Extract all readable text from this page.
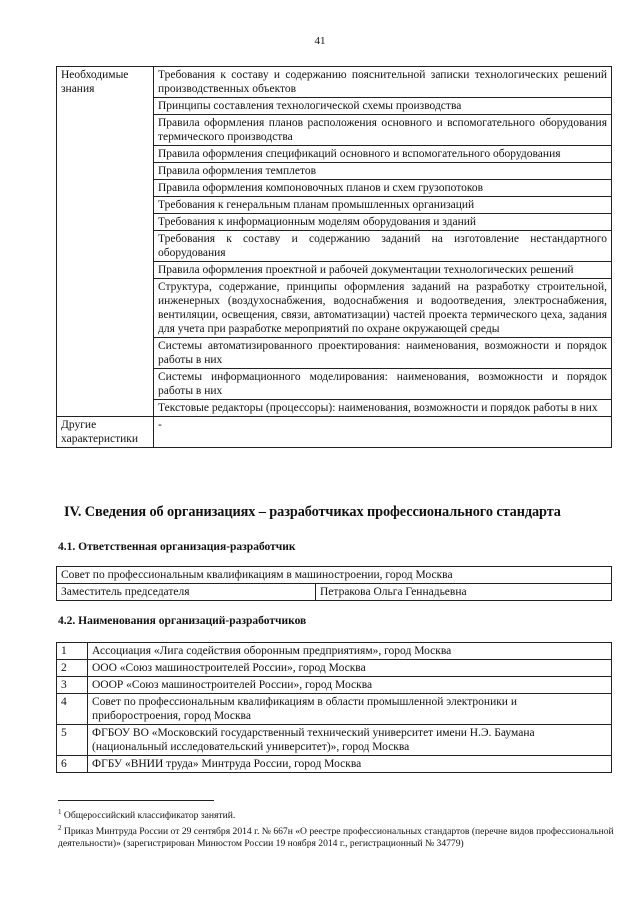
41
Необходимые знания	Требования к составу и содержанию пояснительной записки технологических решений производственных объектов
	Принципы составления технологической схемы производства
	Правила оформления планов расположения основного и вспомогательного оборудования термического производства
	Правила оформления спецификаций основного и вспомогательного оборудования
	Правила оформления темплетов
	Правила оформления компоновочных планов и схем грузопотоков
	Требования к генеральным планам промышленных организаций
	Требования к информационным моделям оборудования и зданий
	Требования к составу и содержанию заданий на изготовление нестандартного оборудования
	Правила оформления проектной и рабочей документации технологических решений
	Структура, содержание, принципы оформления заданий на разработку строительной, инженерных (воздухоснабжения, водоснабжения и водоотведения, электроснабжения, вентиляции, освещения, связи, автоматизации) частей проекта термического цеха, задания для учета при разработке мероприятий по охране окружающей среды
	Системы автоматизированного проектирования: наименования, возможности и порядок работы в них
	Системы информационного моделирования: наименования, возможности и порядок работы в них
	Текстовые редакторы (процессоры): наименования, возможности и порядок работы в них
Другие характеристики	-
IV. Сведения об организациях – разработчиках профессионального стандарта
4.1. Ответственная организация-разработчик
Совет по профессиональным квалификациям в машиностроении, город Москва
Заместитель председателя	Петракова Ольга Геннадьевна
4.2. Наименования организаций-разработчиков
1	Ассоциация «Лига содействия оборонным предприятиям», город Москва
2	ООО «Союз машиностроителей России», город Москва
3	ОООР «Союз машиностроителей России», город Москва
4	Совет по профессиональным квалификациям в области промышленной электроники и приборостроения, город Москва
5	ФГБОУ ВО «Московский государственный технический университет имени Н.Э. Баумана (национальный исследовательский университет)», город Москва
6	ФГБУ «ВНИИ труда» Минтруда России, город Москва
$^1$ Общероссийский классификатор занятий.
$^2$ Приказ Минтруда России от 29 сентября 2014 г. № 667н «О реестре профессиональных стандартов (перечне видов профессиональной деятельности)» (зарегистрирован Минюстом России 19 ноября 2014 г., регистрационный № 34779)
